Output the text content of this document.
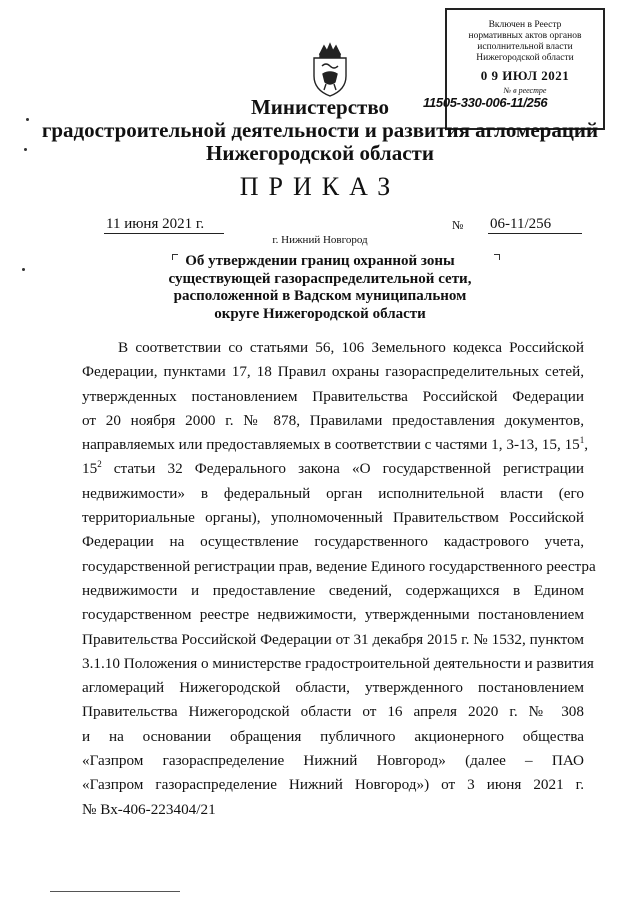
Включен в Реестр
нормативных актов органов
исполнительной власти
Нижегородской области
0 9 ИЮЛ 2021
№ в реестре
11505-330-006-11/256
Министерство
градостроительной деятельности и развития агломераций
Нижегородской области
ПРИКАЗ
11 июня 2021 г.	№ 06-11/256
г. Нижний Новгород
Об утверждении границ охранной зоны
существующей газораспределительной сети,
расположенной в Вадском муниципальном
округе Нижегородской области
В соответствии со статьями 56, 106 Земельного кодекса Российской
Федерации, пунктами 17, 18 Правил охраны газораспределительных сетей,
утвержденных постановлением Правительства Российской Федерации
от 20 ноября 2000 г. № 878, Правилами предоставления документов,
направляемых или предоставляемых в соответствии с частями 1, 3-13, 15, $15^1$,
$15^2$ статьи 32 Федерального закона «О государственной регистрации
недвижимости» в федеральный орган исполнительной власти (его
территориальные органы), уполномоченный Правительством Российской
Федерации на осуществление государственного кадастрового учета,
государственной регистрации прав, ведение Единого государственного реестра
недвижимости и предоставление сведений, содержащихся в Едином
государственном реестре недвижимости, утвержденными постановлением
Правительства Российской Федерации от 31 декабря 2015 г. № 1532, пунктом
3.1.10 Положения о министерстве градостроительной деятельности и развития
агломераций Нижегородской области, утвержденного постановлением
Правительства Нижегородской области от 16 апреля 2020 г. № 308
и на основании обращения публичного акционерного общества
«Газпром газораспределение Нижний Новгород» (далее – ПАО
«Газпром газораспределение Нижний Новгород») от 3 июня 2021 г.
№ Вх-406-223404/21
